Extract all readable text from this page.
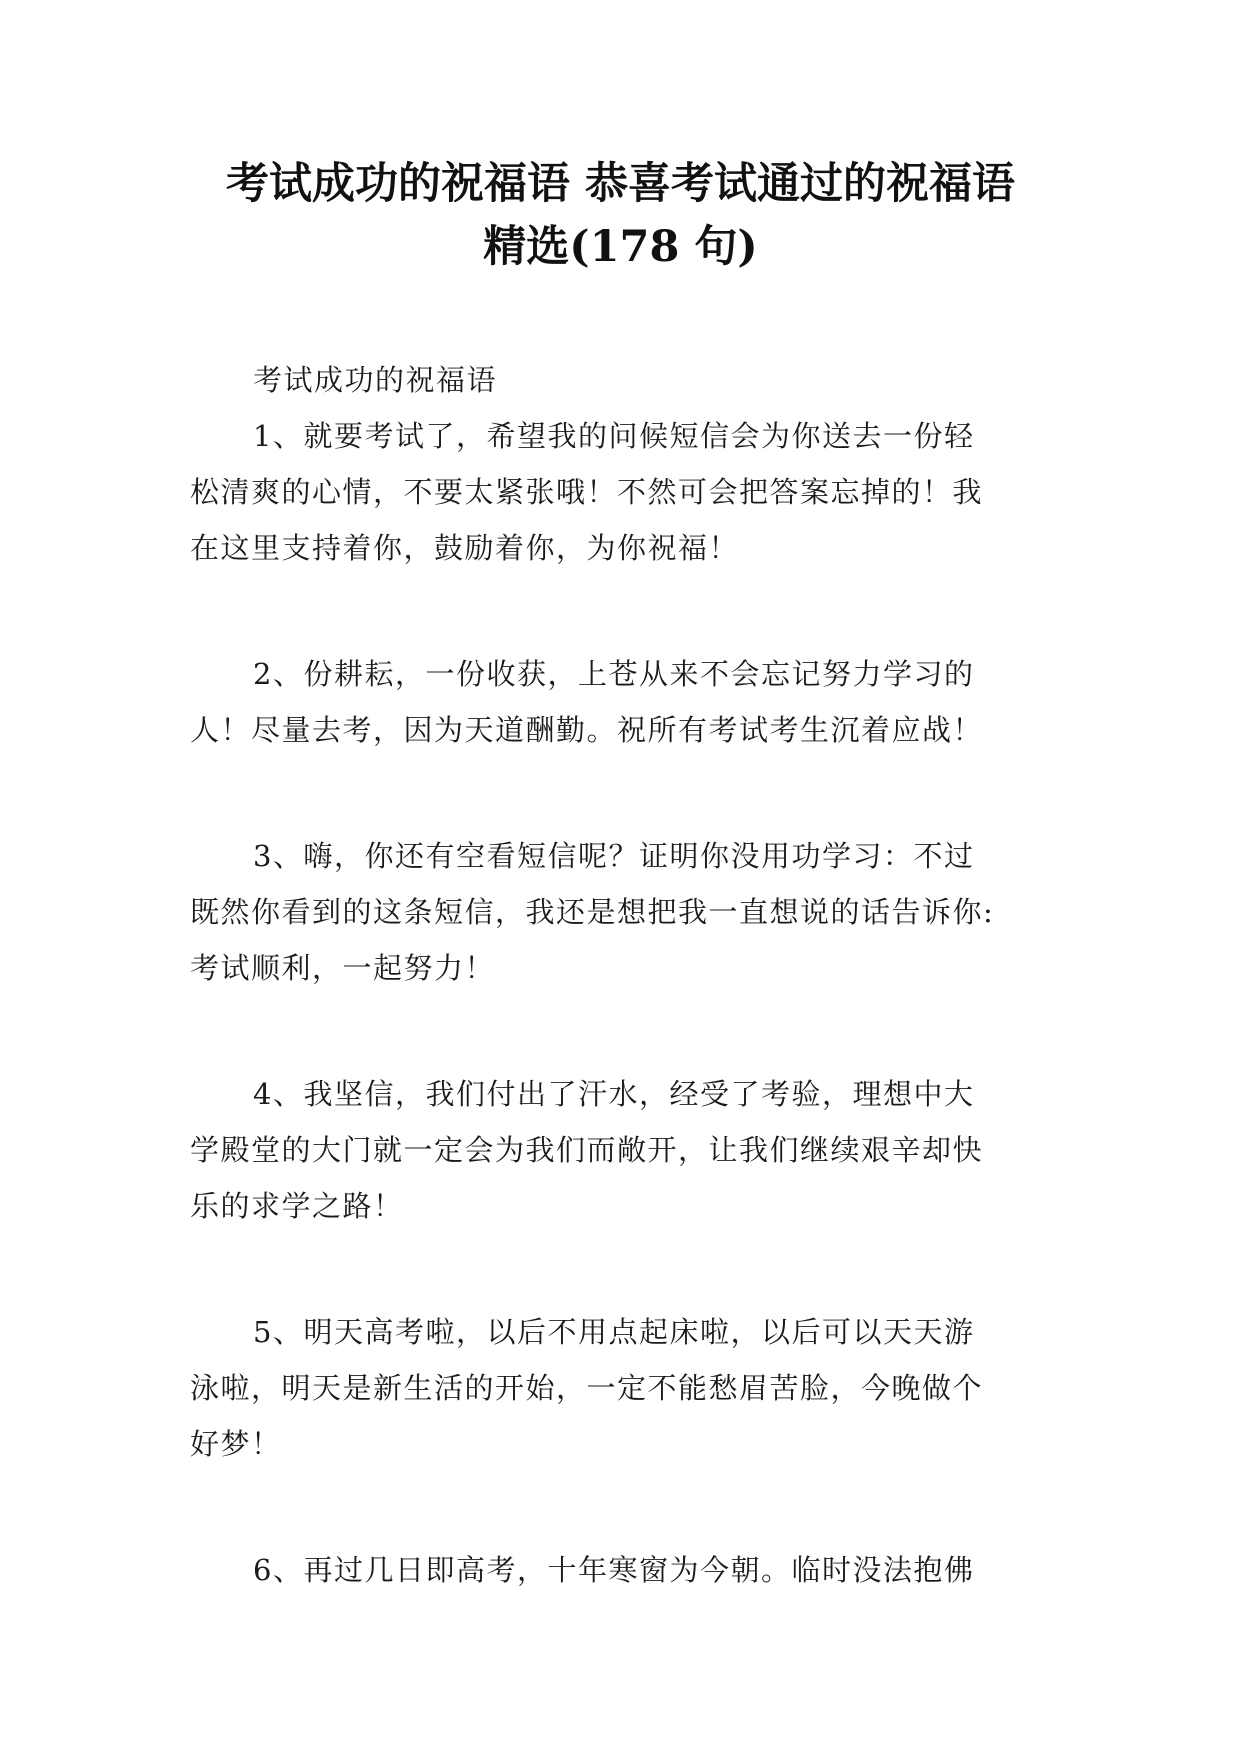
考试成功的祝福语 恭喜考试通过的祝福语
精选(178 句)
考试成功的祝福语
1、就要考试了，希望我的问候短信会为你送去一份轻
松清爽的心情，不要太紧张哦！不然可会把答案忘掉的！我
在这里支持着你，鼓励着你，为你祝福！
2、份耕耘，一份收获，上苍从来不会忘记努力学习的
人！尽量去考，因为天道酬勤。祝所有考试考生沉着应战！
3、嗨，你还有空看短信呢？证明你没用功学习：不过
既然你看到的这条短信，我还是想把我一直想说的话告诉你:
考试顺利，一起努力！
4、我坚信，我们付出了汗水，经受了考验，理想中大
学殿堂的大门就一定会为我们而敞开，让我们继续艰辛却快
乐的求学之路！
5、明天高考啦，以后不用点起床啦，以后可以天天游
泳啦，明天是新生活的开始，一定不能愁眉苦脸，今晚做个
好梦！
6、再过几日即高考，十年寒窗为今朝。临时没法抱佛
